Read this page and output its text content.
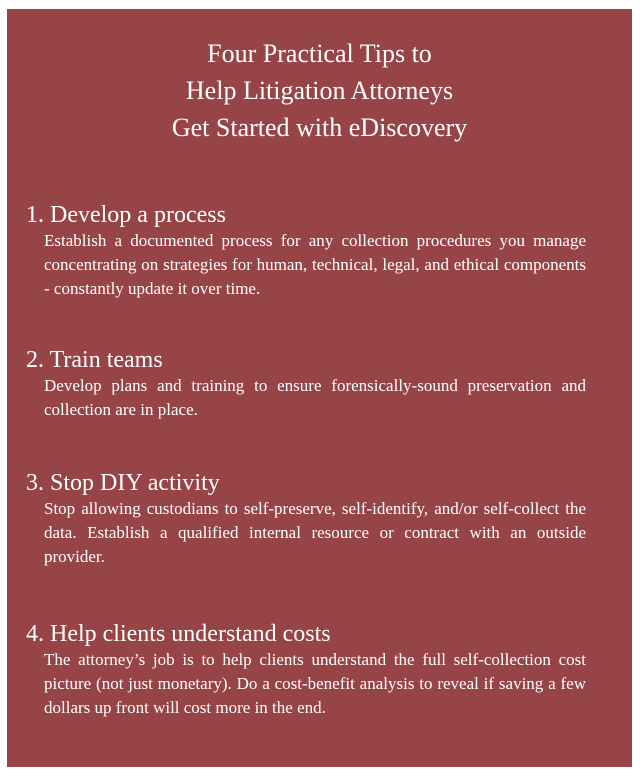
Four Practical Tips to
Help Litigation Attorneys
Get Started with eDiscovery
1. Develop a process

Establish a documented process for any collection procedures you manage concentrating on strategies for human, technical, legal, and ethical components - constantly update it over time.

2. Train teams

Develop plans and training to ensure forensically-sound preservation and collection are in place.

3. Stop DIY activity

Stop allowing custodians to self-preserve, self-identify, and/or self-collect the data. Establish a qualified internal resource or contract with an outside provider.

4. Help clients understand costs

The attorney’s job is to help clients understand the full self-collection cost picture (not just monetary). Do a cost-benefit analysis to reveal if saving a few dollars up front will cost more in the end.
